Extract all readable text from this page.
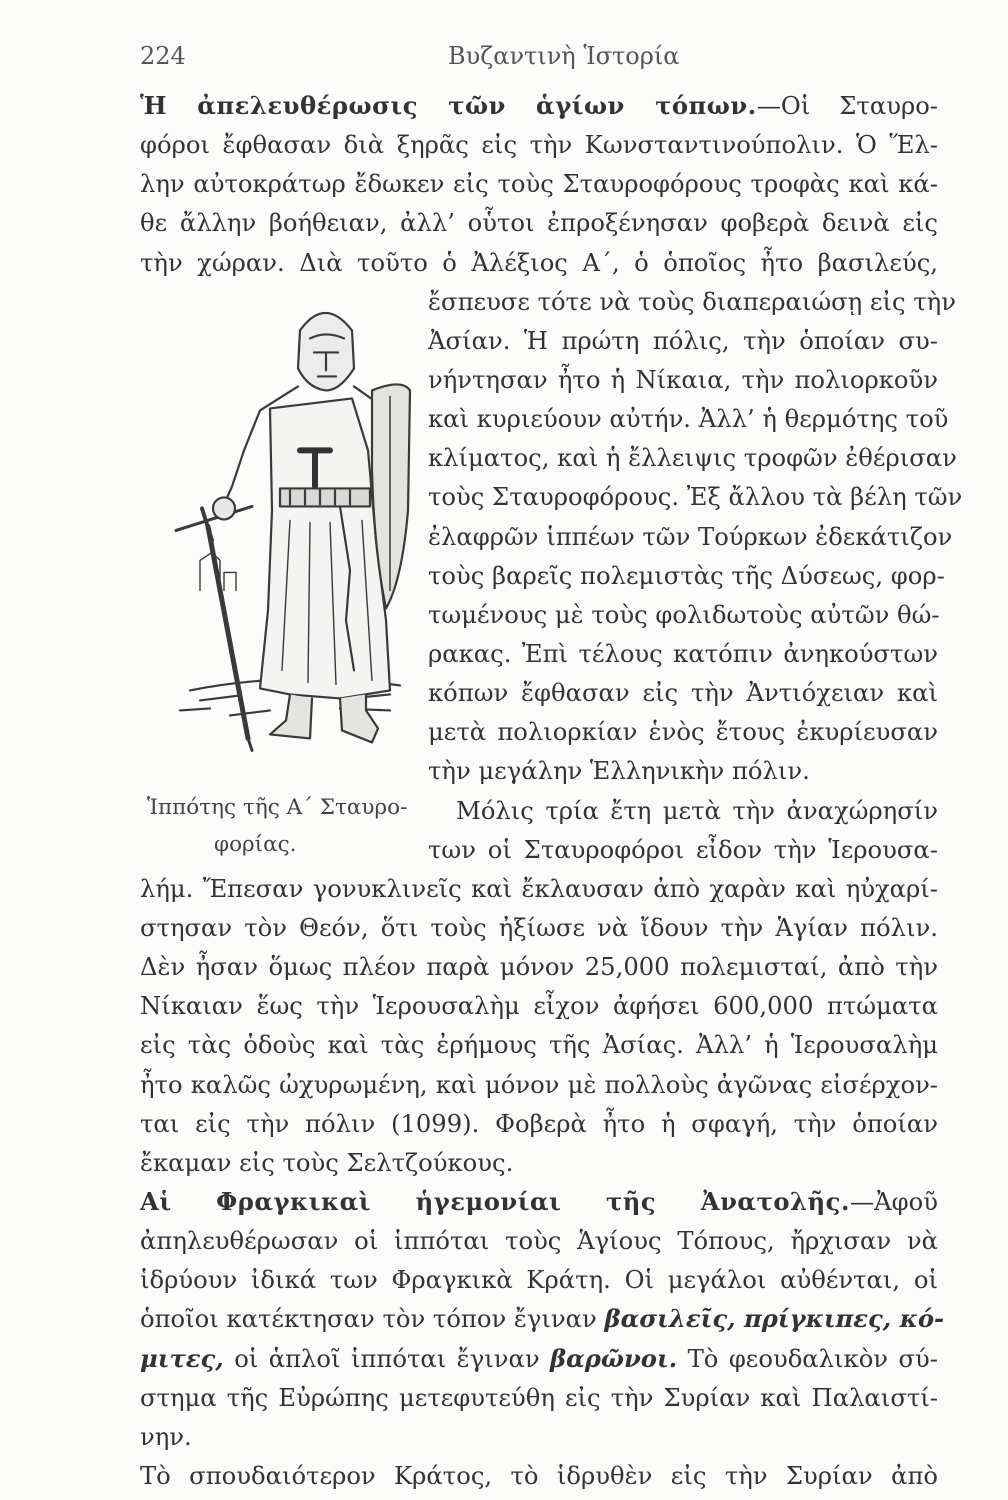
224	Βυζαντινὴ Ἱστορία
Ἡ ἀπελευθέρωσις τῶν ἁγίων τόπων.—Οἱ Σταυρο-
φόροι ἔφθασαν διὰ ξηρᾶς εἰς τὴν Κωνσταντινούπολιν. Ὁ Ἕλ-
λην αὐτοκράτωρ ἔδωκεν εἰς τοὺς Σταυροφόρους τροφὰς καὶ κά-
θε ἄλλην βοήθειαν, ἀλλ’ οὗτοι ἐπροξένησαν φοβερὰ δεινὰ εἰς
τὴν χώραν. Διὰ τοῦτο ὁ Ἀλέξιος Α΄, ὁ ὁποῖος ἦτο βασιλεύς,
ἔσπευσε τότε νὰ τοὺς διαπεραιώσῃ εἰς τὴν
Ἀσίαν. Ἡ πρώτη πόλις, τὴν ὁποίαν συ-
νήντησαν ἦτο ἡ Νίκαια, τὴν πολιορκοῦν
καὶ κυριεύουν αὐτήν. Ἀλλ’ ἡ θερμότης τοῦ
κλίματος, καὶ ἡ ἔλλειψις τροφῶν ἐθέρισαν
τοὺς Σταυροφόρους. Ἐξ ἄλλου τὰ βέλη τῶν
ἐλαφρῶν ἱππέων τῶν Τούρκων ἐδεκάτιζον
τοὺς βαρεῖς πολεμιστὰς τῆς Δύσεως, φορ-
τωμένους μὲ τοὺς φολιδωτοὺς αὐτῶν θώ-
ρακας. Ἐπὶ τέλους κατόπιν ἀνηκούστων
κόπων ἔφθασαν εἰς τὴν Ἀντιόχειαν καὶ
μετὰ πολιορκίαν ἑνὸς ἔτους ἐκυρίευσαν
τὴν μεγάλην Ἑλληνικὴν πόλιν.
Μόλις τρία ἔτη μετὰ τὴν ἀναχώρησίν
των οἱ Σταυροφόροι εἶδον τὴν Ἱερουσα-
Ἱππότης τῆς Α΄ Σταυρο-
φορίας.
λήμ. Ἔπεσαν γονυκλινεῖς καὶ ἔκλαυσαν ἀπὸ χαρὰν καὶ ηὐχαρί-
στησαν τὸν Θεόν, ὅτι τοὺς ἠξίωσε νὰ ἴδουν τὴν Ἁγίαν πόλιν.
Δὲν ἦσαν ὅμως πλέον παρὰ μόνον 25,000 πολεμισταί, ἀπὸ τὴν
Νίκαιαν ἕως τὴν Ἱερουσαλὴμ εἶχον ἀφήσει 600,000 πτώματα
εἰς τὰς ὁδοὺς καὶ τὰς ἐρήμους τῆς Ἀσίας. Ἀλλ’ ἡ Ἱερουσαλὴμ
ἦτο καλῶς ὠχυρωμένη, καὶ μόνον μὲ πολλοὺς ἀγῶνας εἰσέρχον-
ται εἰς τὴν πόλιν (1099). Φοβερὰ ἦτο ἡ σφαγή, τὴν ὁποίαν
ἔκαμαν εἰς τοὺς Σελτζούκους.
Αἱ Φραγκικαὶ ἡγεμονίαι τῆς Ἀνατολῆς.—Ἀφοῦ
ἀπηλευθέρωσαν οἱ ἱππόται τοὺς Ἁγίους Τόπους, ἤρχισαν νὰ
ἱδρύουν ἰδικά των Φραγκικὰ Κράτη. Οἱ μεγάλοι αὐθένται, οἱ
ὁποῖοι κατέκτησαν τὸν τόπον ἔγιναν βασιλεῖς, πρίγκιπες, κό-
μιτες, οἱ ἁπλοῖ ἱππόται ἔγιναν βαρῶνοι. Τὸ φεουδαλικὸν σύ-
στημα τῆς Εὐρώπης μετεφυτεύθη εἰς τὴν Συρίαν καὶ Παλαιστί-
νην.
Τὸ σπουδαιότερον Κράτος, τὸ ἱδρυθὲν εἰς τὴν Συρίαν ἀπὸ
